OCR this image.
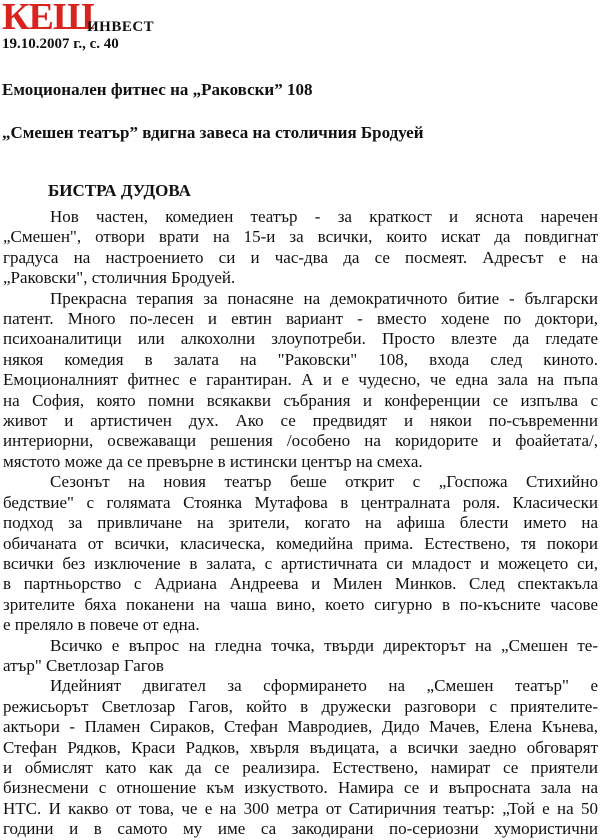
КЕШ
ИНВЕСТ
19.10.2007 г., с. 40
Емоционален фитнес на „Раковски” 108
„Смешен театър” вдигна завеса на столичния Бродуей
БИСТРА ДУДОВА
Нов частен, комедиен театър - за краткост и яснота наречен
„Смешен", отвори врати на 15-и за всички, които искат да повдигнат
градуса на настроението си и час-два да се посмеят. Адресът е на
„Раковски", столичния Бродуей.
Прекрасна терапия за понасяне на демократичното битие - български
патент. Много по-лесен и евтин вариант - вместо ходене по доктори,
психоаналитици или алкохолни злоупотреби. Просто влезте да гледате
някоя комедия в залата на "Раковски" 108, входа след киното.
Емоционалният фитнес е гарантиран. А и е чудесно, че една зала на пъпа
на София, която помни всякакви събрания и конференции се изпълва с
живот и артистичен дух. Ако се предвидят и някои по-съвременни
интериорни, освежаващи решения /особено на коридорите и фоайетата/,
мястото може да се превърне в истински център на смеха.
Сезонът на новия театър беше открит с „Госпожа Стихийно
бедствие" с голямата Стоянка Мутафова в централната роля. Класически
подход за привличане на зрители, когато на афиша блести името на
обичаната от всички, класическа, комедийна прима. Естествено, тя покори
всички без изключение в залата, с артистичната си младост и можецето си,
в партньорство с Адриана Андреева и Милен Минков. След спектакъла
зрителите бяха поканени на чаша вино, което сигурно в по-късните часове
е преляло в повече от една.
Всичко е въпрос на гледна точка, твърди директорът на „Смешен те-
атър" Светлозар Гагов
Идейният двигател за сформирането на „Смешен театър" е
режисьорът Светлозар Гагов, който в дружески разговори с приятелите-
актьори - Пламен Сираков, Стефан Мавродиев, Дидо Мачев, Елена Кънева,
Стефан Рядков, Краси Радков, хвърля въдицата, а всички заедно обговарят
и обмислят като как да се реализира. Естествено, намират се приятели
бизнесмени с отношение към изкуството. Намира се и въпросната зала на
НТС. И какво от това, че е на 300 метра от Сатиричния театър: „Той е на 50
години и в самото му име са закодирани по-сериозни хумористични
